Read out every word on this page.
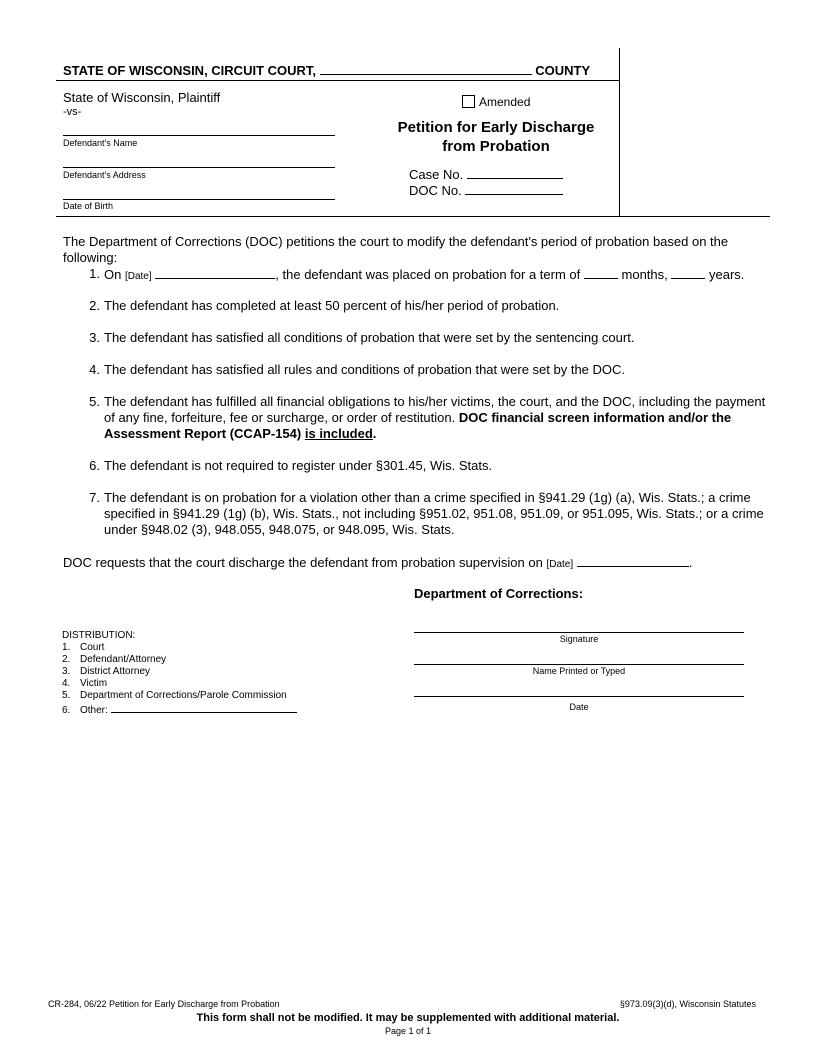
STATE OF WISCONSIN, CIRCUIT COURT,	COUNTY
State of Wisconsin, Plaintiff
-vs-
Defendant's Name
Defendant's Address
Date of Birth
Amended
Petition for Early Discharge
from Probation
Case No.
DOC No.
The Department of Corrections (DOC) petitions the court to modify the defendant's period of probation based on the following:
1. On [Date]	, the defendant was placed on probation for a term of	months,	years.
2. The defendant has completed at least 50 percent of his/her period of probation.
3. The defendant has satisfied all conditions of probation that were set by the sentencing court.
4. The defendant has satisfied all rules and conditions of probation that were set by the DOC.
5. The defendant has fulfilled all financial obligations to his/her victims, the court, and the DOC, including the payment of any fine, forfeiture, fee or surcharge, or order of restitution. DOC financial screen information and/or the Assessment Report (CCAP-154) is included.
6. The defendant is not required to register under §301.45, Wis. Stats.
7. The defendant is on probation for a violation other than a crime specified in §941.29 (1g) (a), Wis. Stats.; a crime specified in §941.29 (1g) (b), Wis. Stats., not including §951.02, 951.08, 951.09, or 951.095, Wis. Stats.; or a crime under §948.02 (3), 948.055, 948.075, or 948.095, Wis. Stats.
DOC requests that the court discharge the defendant from probation supervision on [Date]	.
Department of Corrections:
Signature
Name Printed or Typed
Date
DISTRIBUTION:
1. Court
2. Defendant/Attorney
3. District Attorney
4. Victim
5. Department of Corrections/Parole Commission
6. Other:
CR-284, 06/22 Petition for Early Discharge from Probation	§973.09(3)(d), Wisconsin Statutes
This form shall not be modified. It may be supplemented with additional material.
Page 1 of 1
